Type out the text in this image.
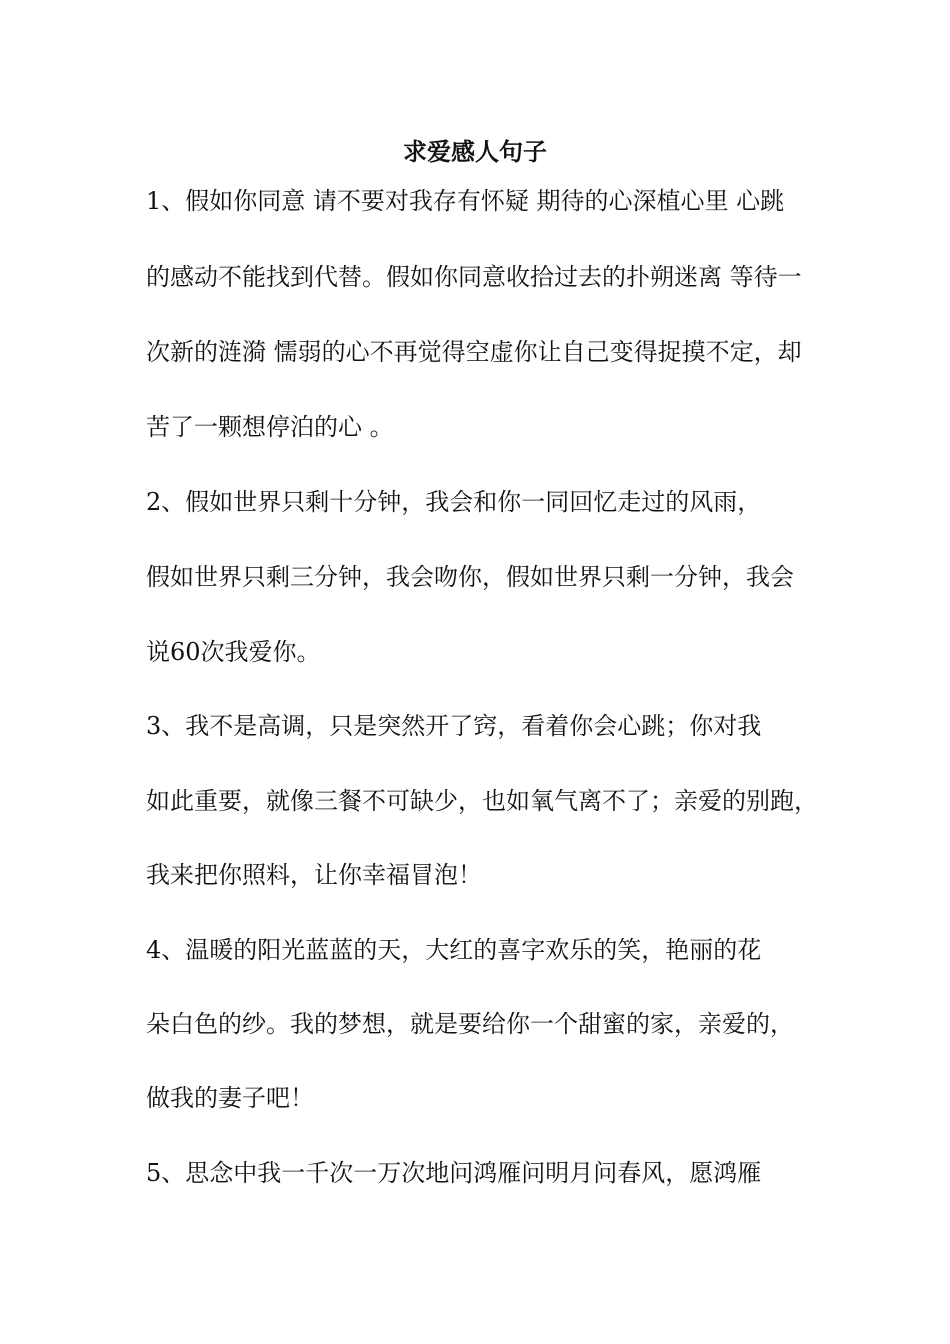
求爱感人句子
1、假如你同意 请不要对我存有怀疑 期待的心深植心里 心跳
的感动不能找到代替。假如你同意收拾过去的扑朔迷离 等待一
次新的涟漪 懦弱的心不再觉得空虚你让自己变得捉摸不定，却
苦了一颗想停泊的心 。
2、假如世界只剩十分钟，我会和你一同回忆走过的风雨，
假如世界只剩三分钟，我会吻你，假如世界只剩一分钟，我会
说60次我爱你。
3、我不是高调，只是突然开了窍，看着你会心跳；你对我
如此重要，就像三餐不可缺少，也如氧气离不了；亲爱的别跑，
我来把你照料，让你幸福冒泡！
4、温暖的阳光蓝蓝的天，大红的喜字欢乐的笑，艳丽的花
朵白色的纱。我的梦想，就是要给你一个甜蜜的家，亲爱的，
做我的妻子吧！
5、思念中我一千次一万次地问鸿雁问明月问春风，愿鸿雁
